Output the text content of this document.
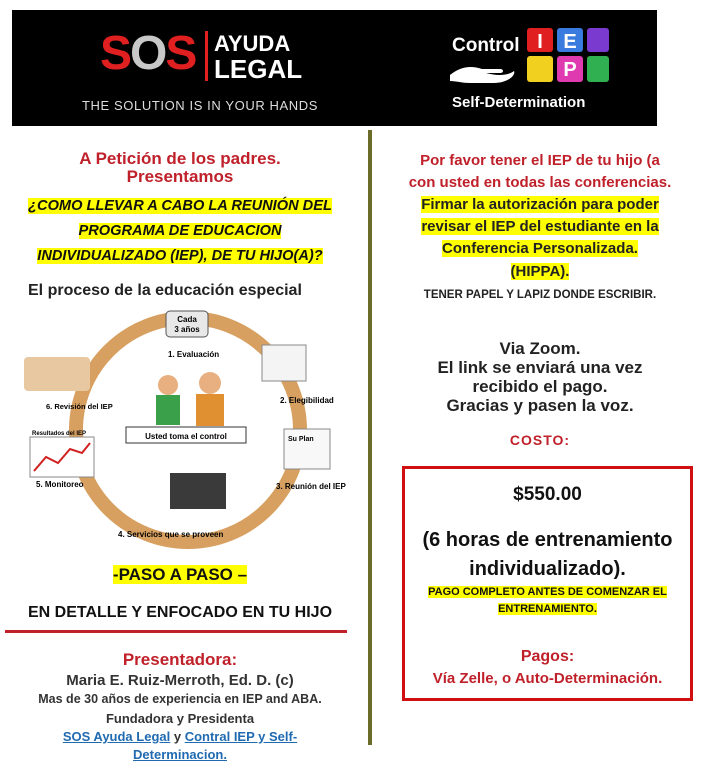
SOS AYUDA
LEGAL
THE SOLUTION IS IN YOUR HANDS
Control I E
P
Self-Determination
A Petición de los padres.
Presentamos
¿COMO LLEVAR A CABO LA REUNIÓN DEL
PROGRAMA DE EDUCACION
INDIVIDUALIZADO (IEP), DE TU HIJO(A)?
El proceso de la educación especial
Cada
3 años
1. Evaluación
2. Elegibilidad
Su Plan
3. Reunión del IEP
4. Servicios que se proveen
Resultados del IEP
5. Monitoreo
6. Revisión del IEP
Usted toma el control
-PASO A PASO –
EN DETALLE Y ENFOCADO EN TU HIJO
Presentadora:
Maria E. Ruiz-Merroth, Ed. D. (c)
Mas de 30 años de experiencia en IEP and ABA.
Fundadora y Presidenta
SOS Ayuda Legal y Contral IEP y Self-
Determinacion.
Por favor tener el IEP de tu hijo (a
con usted en todas las conferencias.
Firmar la autorización para poder
revisar el IEP del estudiante en la
Conferencia Personalizada.
(HIPPA).
TENER PAPEL Y LAPIZ DONDE ESCRIBIR.
Via Zoom.
El link se enviará una vez
recibido el pago.
Gracias y pasen la voz.
COSTO:
$550.00
(6 horas de entrenamiento
individualizado).
PAGO COMPLETO ANTES DE COMENZAR EL
ENTRENAMIENTO.
Pagos:
Vía Zelle, o Auto-Determinación.
